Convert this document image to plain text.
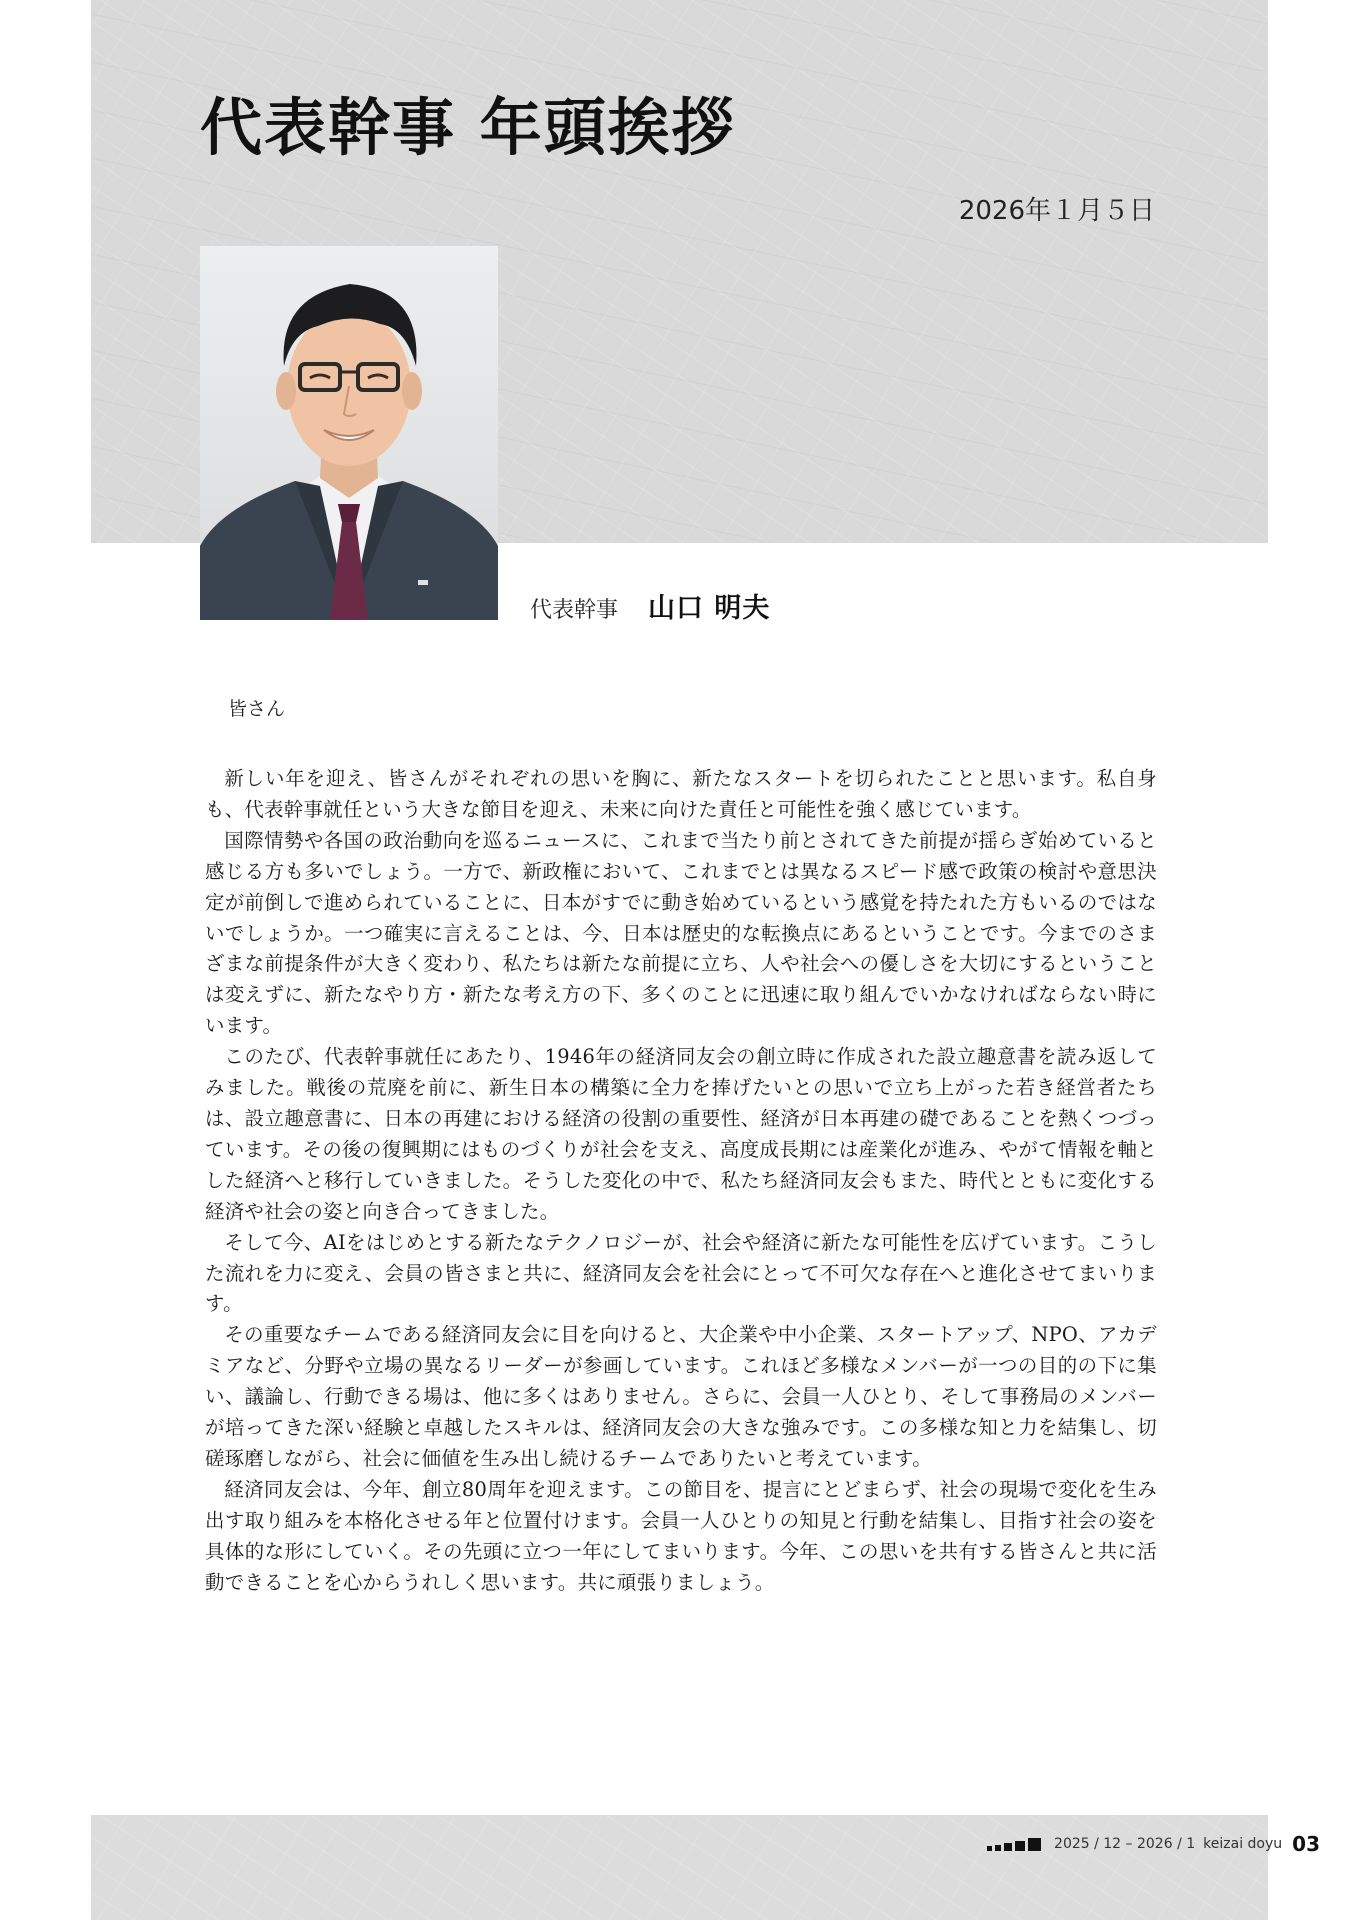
代表幹事 年頭挨拶
2026年１月５日
代表幹事 山口 明夫

皆さん

新しい年を迎え、皆さんがそれぞれの思いを胸に、新たなスタートを切られたことと思います。私自身も、代表幹事就任という大きな節目を迎え、未来に向けた責任と可能性を強く感じています。

国際情勢や各国の政治動向を巡るニュースに、これまで当たり前とされてきた前提が揺らぎ始めていると感じる方も多いでしょう。一方で、新政権において、これまでとは異なるスピード感で政策の検討や意思決定が前倒しで進められていることに、日本がすでに動き始めているという感覚を持たれた方もいるのではないでしょうか。一つ確実に言えることは、今、日本は歴史的な転換点にあるということです。今までのさまざまな前提条件が大きく変わり、私たちは新たな前提に立ち、人や社会への優しさを大切にするということは変えずに、新たなやり方・新たな考え方の下、多くのことに迅速に取り組んでいかなければならない時にいます。

このたび、代表幹事就任にあたり、1946年の経済同友会の創立時に作成された設立趣意書を読み返してみました。戦後の荒廃を前に、新生日本の構築に全力を捧げたいとの思いで立ち上がった若き経営者たちは、設立趣意書に、日本の再建における経済の役割の重要性、経済が日本再建の礎であることを熱くつづっています。その後の復興期にはものづくりが社会を支え、高度成長期には産業化が進み、やがて情報を軸とした経済へと移行していきました。そうした変化の中で、私たち経済同友会もまた、時代とともに変化する経済や社会の姿と向き合ってきました。

そして今、AIをはじめとする新たなテクノロジーが、社会や経済に新たな可能性を広げています。こうした流れを力に変え、会員の皆さまと共に、経済同友会を社会にとって不可欠な存在へと進化させてまいります。

その重要なチームである経済同友会に目を向けると、大企業や中小企業、スタートアップ、NPO、アカデミアなど、分野や立場の異なるリーダーが参画しています。これほど多様なメンバーが一つの目的の下に集い、議論し、行動できる場は、他に多くはありません。さらに、会員一人ひとり、そして事務局のメンバーが培ってきた深い経験と卓越したスキルは、経済同友会の大きな強みです。この多様な知と力を結集し、切磋琢磨しながら、社会に価値を生み出し続けるチームでありたいと考えています。

経済同友会は、今年、創立80周年を迎えます。この節目を、提言にとどまらず、社会の現場で変化を生み出す取り組みを本格化させる年と位置付けます。会員一人ひとりの知見と行動を結集し、目指す社会の姿を具体的な形にしていく。その先頭に立つ一年にしてまいります。今年、この思いを共有する皆さんと共に活動できることを心からうれしく思います。共に頑張りましょう。

2025 / 12 – 2026 / 1 keizai doyu 03
